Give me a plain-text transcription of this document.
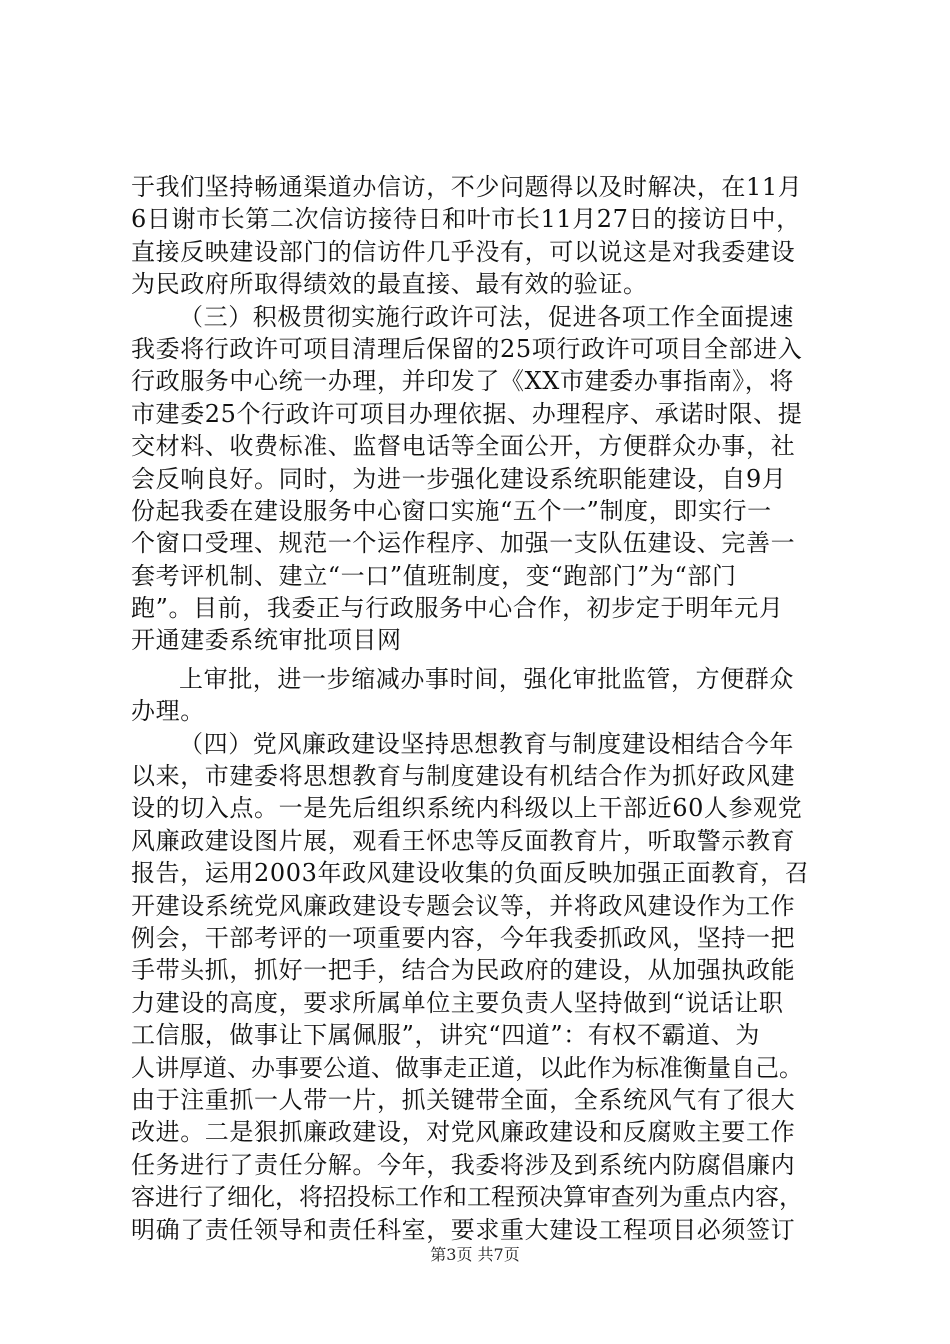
于我们坚持畅通渠道办信访，不少问题得以及时解决，在11月
6日谢市长第二次信访接待日和叶市长11月27日的接访日中，
直接反映建设部门的信访件几乎没有，可以说这是对我委建设
为民政府所取得绩效的最直接、最有效的验证。
（三）积极贯彻实施行政许可法，促进各项工作全面提速
我委将行政许可项目清理后保留的25项行政许可项目全部进入
行政服务中心统一办理，并印发了《XX市建委办事指南》，将
市建委25个行政许可项目办理依据、办理程序、承诺时限、提
交材料、收费标准、监督电话等全面公开，方便群众办事，社
会反响良好。同时，为进一步强化建设系统职能建设，自9月
份起我委在建设服务中心窗口实施“五个一”制度，即实行一
个窗口受理、规范一个运作程序、加强一支队伍建设、完善一
套考评机制、建立“一口”值班制度，变“跑部门”为“部门
跑”。目前，我委正与行政服务中心合作，初步定于明年元月
开通建委系统审批项目网
上审批，进一步缩减办事时间，强化审批监管，方便群众
办理。
（四）党风廉政建设坚持思想教育与制度建设相结合今年
以来，市建委将思想教育与制度建设有机结合作为抓好政风建
设的切入点。一是先后组织系统内科级以上干部近60人参观党
风廉政建设图片展，观看王怀忠等反面教育片，听取警示教育
报告，运用2003年政风建设收集的负面反映加强正面教育，召
开建设系统党风廉政建设专题会议等，并将政风建设作为工作
例会，干部考评的一项重要内容，今年我委抓政风，坚持一把
手带头抓，抓好一把手，结合为民政府的建设，从加强执政能
力建设的高度，要求所属单位主要负责人坚持做到“说话让职
工信服，做事让下属佩服”，讲究“四道”：有权不霸道、为
人讲厚道、办事要公道、做事走正道，以此作为标准衡量自己。
由于注重抓一人带一片，抓关键带全面，全系统风气有了很大
改进。二是狠抓廉政建设，对党风廉政建设和反腐败主要工作
任务进行了责任分解。今年，我委将涉及到系统内防腐倡廉内
容进行了细化，将招投标工作和工程预决算审查列为重点内容，
明确了责任领导和责任科室，要求重大建设工程项目必须签订
第3页 共7页
